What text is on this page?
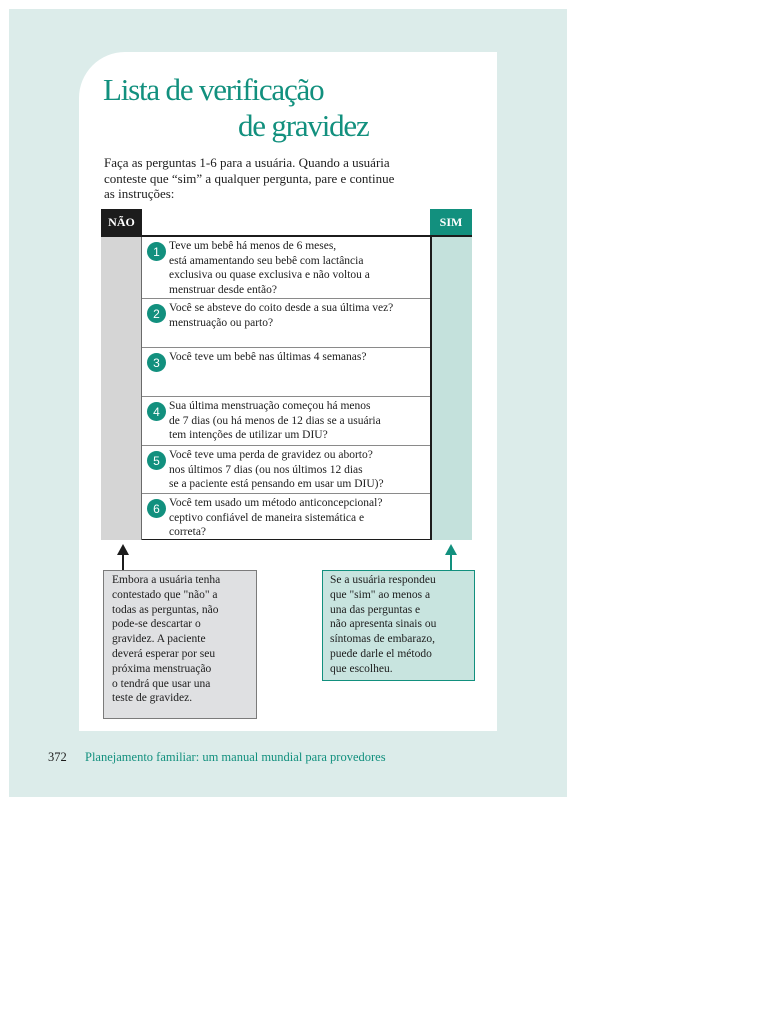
Lista de verificação
de gravidez
Faça as perguntas 1-6 para a usuária. Quando a usuária
conteste que “sim” a qualquer pergunta, pare e continue
as instruções:
NÃO	SIM
1 Teve um bebê há menos de 6 meses,
está amamentando seu bebê com lactância
exclusiva ou quase exclusiva e não voltou a
menstruar desde então?
2 Você se absteve do coito desde a sua última vez?
menstruação ou parto?
3 Você teve um bebê nas últimas 4 semanas?
4 Sua última menstruação começou há menos
de 7 dias (ou há menos de 12 dias se a usuária
tem intenções de utilizar um DIU?
5 Você teve uma perda de gravidez ou aborto?
nos últimos 7 dias (ou nos últimos 12 dias
se a paciente está pensando em usar um DIU)?
6 Você tem usado um método anticoncepcional?
ceptivo confiável de maneira sistemática e
correta?
Embora a usuária tenha
contestado que "não" a
todas as perguntas, não
pode-se descartar o
gravidez. A paciente
deverá esperar por seu
próxima menstruação
o tendrá que usar una
teste de gravidez.
Se a usuária respondeu
que "sim" ao menos a
una das perguntas e
não apresenta sinais ou
síntomas de embarazo,
puede darle el método
que escolheu.
372 Planejamento familiar: um manual mundial para provedores
